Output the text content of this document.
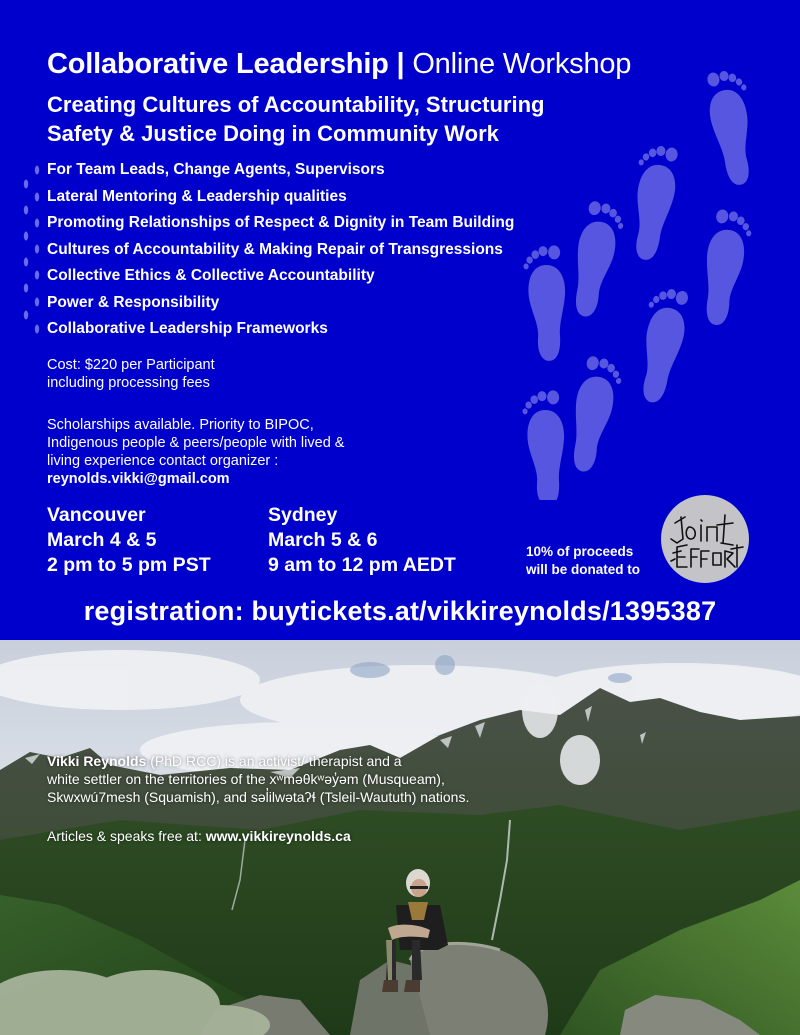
Collaborative Leadership | Online Workshop
Creating Cultures of Accountability, Structuring
Safety & Justice Doing in Community Work
For Team Leads, Change Agents, Supervisors
Lateral Mentoring & Leadership qualities
Promoting Relationships of Respect & Dignity in Team Building
Cultures of Accountability & Making Repair of Transgressions
Collective Ethics & Collective Accountability
Power & Responsibility
Collaborative Leadership Frameworks
Cost: $220 per Participant
including processing fees
Scholarships available. Priority to BIPOC,
Indigenous people & peers/people with lived &
living experience contact organizer :
reynolds.vikki@gmail.com
Vancouver
March 4 & 5
2 pm to 5 pm PST
Sydney
March 5 & 6
9 am to 12 pm AEDT
10% of proceeds
will be donated to
registration: buytickets.at/vikkireynolds/1395387
Vikki Reynolds (PhD RCC) is an activist/ therapist and a
white settler on the territories of the xʷməθkʷəy̓əm (Musqueam),
Skwxwú7mesh (Squamish), and səl̓ilwətaʔɬ (Tsleil-Waututh) nations.
Articles & speaks free at: www.vikkireynolds.ca
